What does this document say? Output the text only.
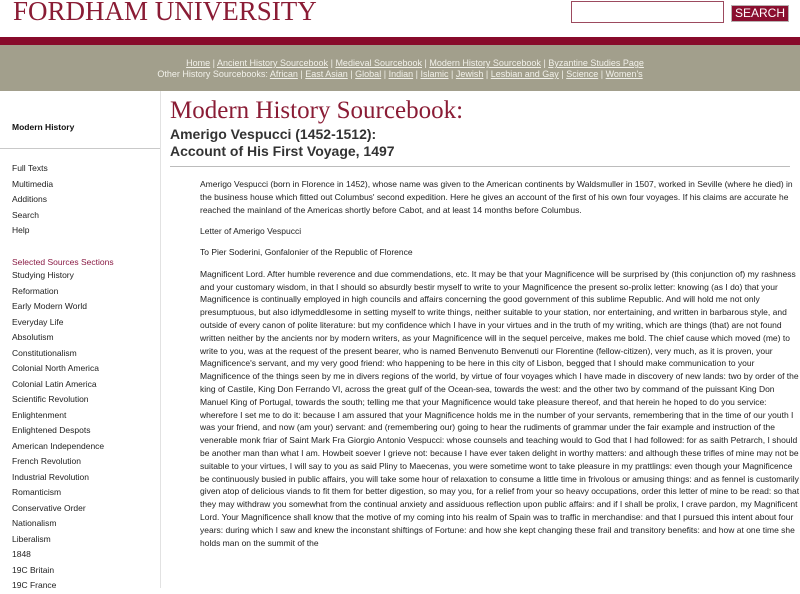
FORDHAM UNIVERSITY	SEARCH
Home | Ancient History Sourcebook | Medieval Sourcebook | Modern History Sourcebook | Byzantine Studies Page
Other History Sourcebooks: African | East Asian | Global | Indian | Islamic | Jewish | Lesbian and Gay | Science | Women's
Modern History
Full Texts
Multimedia
Additions
Search
Help
Selected Sources Sections
Studying History
Reformation
Early Modern World
Everyday Life
Absolutism
Constitutionalism
Colonial North America
Colonial Latin America
Scientific Revolution
Enlightenment
Enlightened Despots
American Independence
French Revolution
Industrial Revolution
Romanticism
Conservative Order
Nationalism
Liberalism
1848
19C Britain
19C France
Modern History Sourcebook:
Amerigo Vespucci (1452-1512):
Account of His First Voyage, 1497

Amerigo Vespucci (born in Florence in 1452), whose name was given to the American continents by Waldsmuller in 1507, worked in Seville (where he died) in the business house which fitted out Columbus' second expedition. Here he gives an account of the first of his own four voyages. If his claims are accurate he reached the mainland of the Americas shortly before Cabot, and at least 14 months before Columbus.

Letter of Amerigo Vespucci

To Pier Soderini, Gonfalonier of the Republic of Florence

Magnificent Lord. After humble reverence and due commendations, etc. It may be that your Magnificence will be surprised by (this conjunction of) my rashness and your customary wisdom, in that I should so absurdly bestir myself to write to your Magnificence the present so-prolix letter: knowing (as I do) that your Magnificence is continually employed in high councils and affairs concerning the good government of this sublime Republic. And will hold me not only presumptuous, but also idlymeddlesome in setting myself to write things, neither suitable to your station, nor entertaining, and written in barbarous style, and outside of every canon of polite literature: but my confidence which I have in your virtues and in the truth of my writing, which are things (that) are not found written neither by the ancients nor by modern writers, as your Magnificence will in the sequel perceive, makes me bold. The chief cause which moved (me) to write to you, was at the request of the present bearer, who is named Benvenuto Benvenuti our Florentine (fellow-citizen), very much, as it is proven, your Magnificence's servant, and my very good friend: who happening to be here in this city of Lisbon, begged that I should make communication to your Magnificence of the things seen by me in divers regions of the world, by virtue of four voyages which I have made in discovery of new lands: two by order of the king of Castile, King Don Ferrando VI, across the great gulf of the Ocean-sea, towards the west: and the other two by command of the puissant King Don Manuel King of Portugal, towards the south; telling me that your Magnificence would take pleasure thereof, and that herein he hoped to do you service: wherefore I set me to do it: because I am assured that your Magnificence holds me in the number of your servants, remembering that in the time of our youth I was your friend, and now (am your) servant: and (remembering our) going to hear the rudiments of grammar under the fair example and instruction of the venerable monk friar of Saint Mark Fra Giorgio Antonio Vespucci: whose counsels and teaching would to God that I had followed: for as saith Petrarch, I should be another man than what I am. Howbeit soever I grieve not: because I have ever taken delight in worthy matters: and although these trifles of mine may not be suitable to your virtues, I will say to you as said Pliny to Maecenas, you were sometime wont to take pleasure in my prattlings: even though your Magnificence be continuously busied in public affairs, you will take some hour of relaxation to consume a little time in frivolous or amusing things: and as fennel is customarily given atop of delicious viands to fit them for better digestion, so may you, for a relief from your so heavy occupations, order this letter of mine to be read: so that they may withdraw you somewhat from the continual anxiety and assiduous reflection upon public affairs: and if I shall be prolix, I crave pardon, my Magnificent Lord. Your Magnificence shall know that the motive of my coming into his realm of Spain was to traffic in merchandise: and that I pursued this intent about four years: during which I saw and knew the inconstant shiftings of Fortune: and how she kept changing these frail and transitory benefits: and how at one time she holds man on the summit of the
